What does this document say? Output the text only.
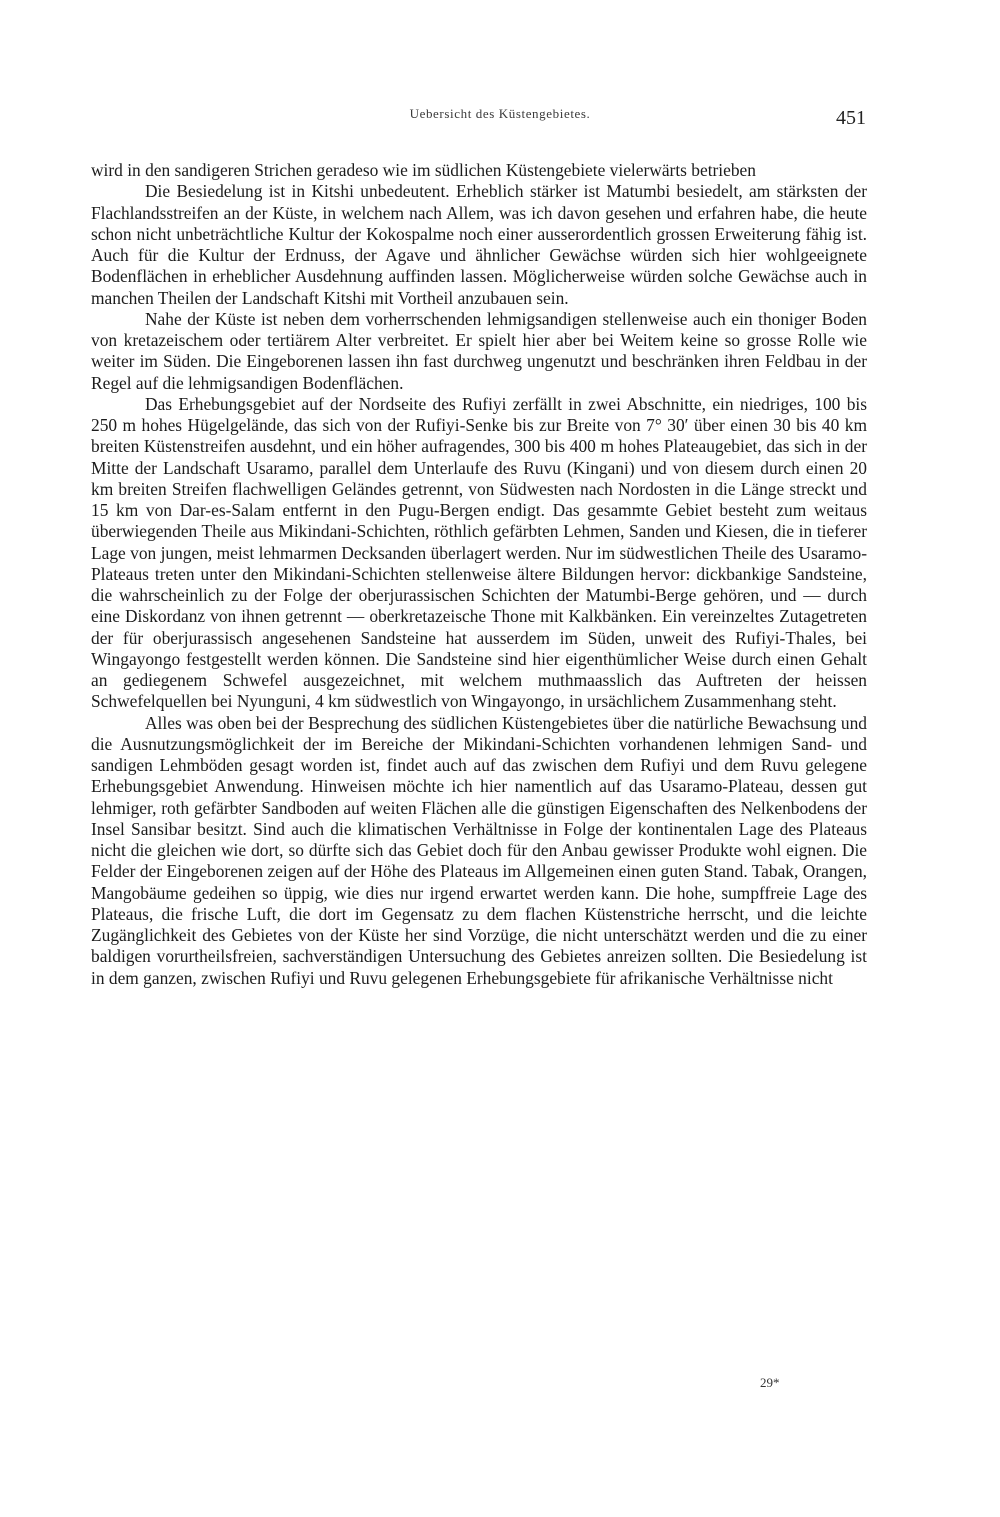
Uebersicht des Küstengebietes.	451

wird in den sandigeren Strichen geradeso wie im südlichen Küstengebiete vielerwärts betrieben

Die Besiedelung ist in Kitshi unbedeutent. Erheblich stärker ist Matumbi besiedelt, am stärksten der Flachlandsstreifen an der Küste, in welchem nach Allem, was ich davon gesehen und erfahren habe, die heute schon nicht unbeträchtliche Kultur der Kokospalme noch einer ausserordentlich grossen Erweiterung fähig ist. Auch für die Kultur der Erdnuss, der Agave und ähnlicher Gewächse würden sich hier wohlgeeignete Bodenflächen in erheblicher Ausdehnung auffinden lassen. Möglicherweise würden solche Gewächse auch in manchen Theilen der Landschaft Kitshi mit Vortheil anzubauen sein.

Nahe der Küste ist neben dem vorherrschenden lehmigsandigen stellenweise auch ein thoniger Boden von kretazeischem oder tertiärem Alter verbreitet. Er spielt hier aber bei Weitem keine so grosse Rolle wie weiter im Süden. Die Eingeborenen lassen ihn fast durchweg ungenutzt und beschränken ihren Feldbau in der Regel auf die lehmigsandigen Bodenflächen.

Das Erhebungsgebiet auf der Nordseite des Rufiyi zerfällt in zwei Abschnitte, ein niedriges, 100 bis 250 m hohes Hügelgelände, das sich von der Rufiyi-Senke bis zur Breite von 7° 30′ über einen 30 bis 40 km breiten Küstenstreifen ausdehnt, und ein höher aufragendes, 300 bis 400 m hohes Plateaugebiet, das sich in der Mitte der Landschaft Usaramo, parallel dem Unterlaufe des Ruvu (Kingani) und von diesem durch einen 20 km breiten Streifen flachwelligen Geländes getrennt, von Südwesten nach Nordosten in die Länge streckt und 15 km von Dar-es-Salam entfernt in den Pugu-Bergen endigt. Das gesammte Gebiet besteht zum weitaus überwiegenden Theile aus Mikindani-Schichten, röthlich gefärbten Lehmen, Sanden und Kiesen, die in tieferer Lage von jungen, meist lehmarmen Decksanden überlagert werden. Nur im südwestlichen Theile des Usaramo-Plateaus treten unter den Mikindani-Schichten stellenweise ältere Bildungen hervor: dickbankige Sandsteine, die wahrscheinlich zu der Folge der oberjurassischen Schichten der Matumbi-Berge gehören, und — durch eine Diskordanz von ihnen getrennt — oberkretazeische Thone mit Kalkbänken. Ein vereinzeltes Zutagetreten der für oberjurassisch angesehenen Sandsteine hat ausserdem im Süden, unweit des Rufiyi-Thales, bei Wingayongo festgestellt werden können. Die Sandsteine sind hier eigenthümlicher Weise durch einen Gehalt an gediegenem Schwefel ausgezeichnet, mit welchem muthmaasslich das Auftreten der heissen Schwefelquellen bei Nyunguni, 4 km südwestlich von Wingayongo, in ursächlichem Zusammenhang steht.

Alles was oben bei der Besprechung des südlichen Küstengebietes über die natürliche Bewachsung und die Ausnutzungsmöglichkeit der im Bereiche der Mikindani-Schichten vorhandenen lehmigen Sand- und sandigen Lehmböden gesagt worden ist, findet auch auf das zwischen dem Rufiyi und dem Ruvu gelegene Erhebungsgebiet Anwendung. Hinweisen möchte ich hier namentlich auf das Usaramo-Plateau, dessen gut lehmiger, roth gefärbter Sandboden auf weiten Flächen alle die günstigen Eigenschaften des Nelkenbodens der Insel Sansibar besitzt. Sind auch die klimatischen Verhältnisse in Folge der kontinentalen Lage des Plateaus nicht die gleichen wie dort, so dürfte sich das Gebiet doch für den Anbau gewisser Produkte wohl eignen. Die Felder der Eingeborenen zeigen auf der Höhe des Plateaus im Allgemeinen einen guten Stand. Tabak, Orangen, Mangobäume gedeihen so üppig, wie dies nur irgend erwartet werden kann. Die hohe, sumpffreie Lage des Plateaus, die frische Luft, die dort im Gegensatz zu dem flachen Küstenstriche herrscht, und die leichte Zugänglichkeit des Gebietes von der Küste her sind Vorzüge, die nicht unterschätzt werden und die zu einer baldigen vorurtheilsfreien, sachverständigen Untersuchung des Gebietes anreizen sollten. Die Besiedelung ist in dem ganzen, zwischen Rufiyi und Ruvu gelegenen Erhebungsgebiete für afrikanische Verhältnisse nicht

29*
